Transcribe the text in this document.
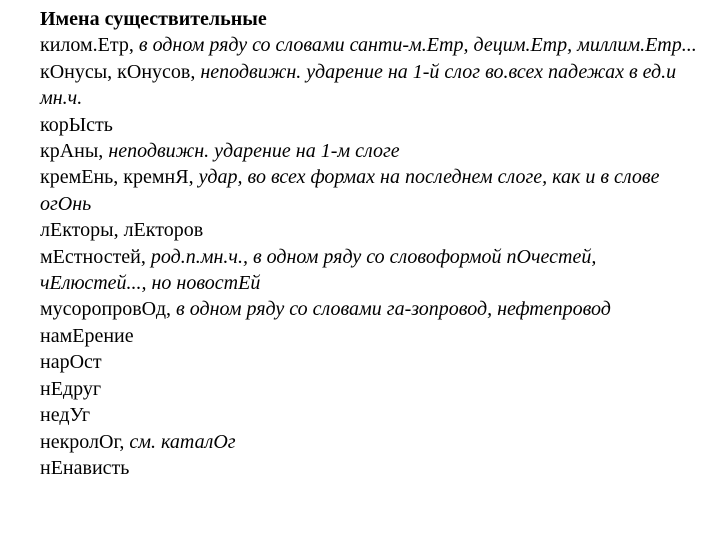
Имена существительные

килом.Етр, в одном ряду со словами санти-м.Етр, децим.Етр, миллим.Етр...

кОнусы, кОнусов, неподвижн. ударение на 1-й слог во.всех падежах в ед.и мн.ч.

корЫсть

крАны, неподвижн. ударение на 1-м слоге

кремЕнь, кремнЯ, удар, во всех формах на последнем слоге, как и в слове огОнь

лЕкторы, лЕкторов

мЕстностей, род.п.мн.ч., в одном ряду со словоформой пОчестей, чЕлюстей..., но новостЕй

мусоропровОд, в одном ряду со словами га-зопровод, нефтепровод

намЕрение

нарОст

нЕдруг

недУг

некролОг, см. каталОг

нЕнависть
